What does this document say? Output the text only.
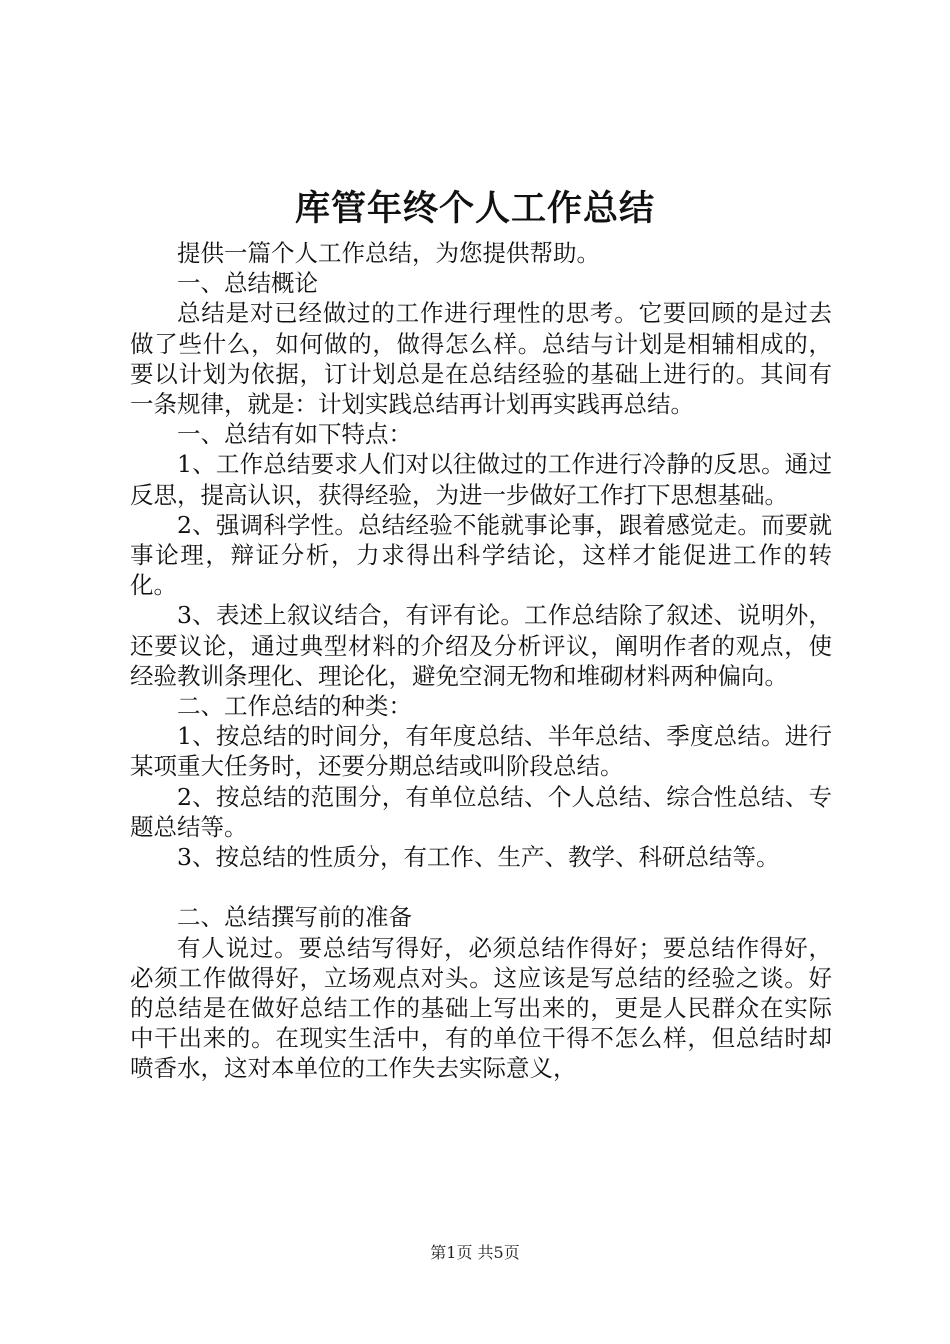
库管年终个人工作总结

提供一篇个人工作总结，为您提供帮助。

一、总结概论

总结是对已经做过的工作进行理性的思考。它要回顾的是过去做了些什么，如何做的，做得怎么样。总结与计划是相辅相成的，要以计划为依据，订计划总是在总结经验的基础上进行的。其间有一条规律，就是：计划实践总结再计划再实践再总结。

一、总结有如下特点：

1、工作总结要求人们对以往做过的工作进行冷静的反思。通过反思，提高认识，获得经验，为进一步做好工作打下思想基础。

2、强调科学性。总结经验不能就事论事，跟着感觉走。而要就事论理，辩证分析，力求得出科学结论，这样才能促进工作的转化。

3、表述上叙议结合，有评有论。工作总结除了叙述、说明外，还要议论，通过典型材料的介绍及分析评议，阐明作者的观点，使经验教训条理化、理论化，避免空洞无物和堆砌材料两种偏向。

二、工作总结的种类：

1、按总结的时间分，有年度总结、半年总结、季度总结。进行某项重大任务时，还要分期总结或叫阶段总结。

2、按总结的范围分，有单位总结、个人总结、综合性总结、专题总结等。

3、按总结的性质分，有工作、生产、教学、科研总结等。

二、总结撰写前的准备

有人说过。要总结写得好，必须总结作得好；要总结作得好，必须工作做得好，立场观点对头。这应该是写总结的经验之谈。好的总结是在做好总结工作的基础上写出来的，更是人民群众在实际中干出来的。在现实生活中，有的单位干得不怎么样，但总结时却喷香水，这对本单位的工作失去实际意义，

第1页 共5页
